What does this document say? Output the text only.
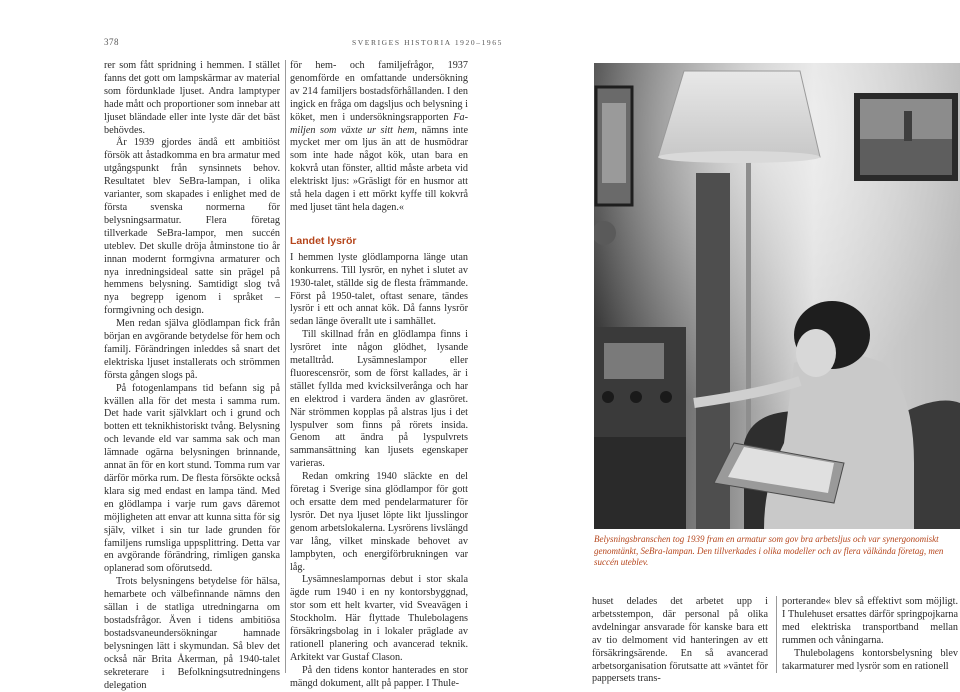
378	SVERIGES HISTORIA 1920–1965

rer som fått spridning i hemmen. I stället fanns det gott om lampskärmar av material som fördunklade ljuset. Andra lamptyper hade mått och proportioner som innebar att ljuset bländade eller inte lyste där det bäst behövdes.

År 1939 gjordes ändå ett ambitiöst försök att åstadkomma en bra armatur med utgångspunkt från synsinnets behov. Resultatet blev SeBra-lampan, i olika varianter, som skapades i enlighet med de första svenska normerna för belysningsarmatur. Flera företag tillverkade SeBra-lampor, men succén uteblev. Det skulle dröja åtminstone tio år innan modernt formgivna armaturer och nya inredningsideal satte sin prägel på hemmens belysning. Samtidigt slog två nya begrepp igenom i språket – formgivning och design.

Men redan själva glödlampan fick från början en avgörande betydelse för hem och familj. Förändringen inleddes så snart det elektriska ljuset installerats och strömmen första gången slogs på.

På fotogenlampans tid befann sig på kvällen alla för det mesta i samma rum. Det hade varit självklart och i grund och botten ett teknikhistoriskt tvång. Belysning och levande eld var samma sak och man lämnade ogärna belysningen brinnande, annat än för en kort stund. Tomma rum var därför mörka rum. De flesta försökte också klara sig med endast en lampa tänd. Med en glödlampa i varje rum gavs däremot möjligheten att envar att kunna sitta för sig själv, vilket i sin tur lade grunden för familjens rumsliga uppsplittring. Detta var en avgörande förändring, rimligen ganska oplanerad som oförutsedd.

Trots belysningens betydelse för hälsa, hemarbete och välbefinnande nämns den sällan i de statliga utredningarna om bostadsfrågor. Även i tidens ambitiösa bostadsvaneundersökningar hamnade belysningen lätt i skymundan. Så blev det också när Brita Åkerman, på 1940-talet sekreterare i Befolkningsutredningens delegation

för hem- och familjefrågor, 1937 genomförde en omfattande undersökning av 214 familjers bostadsförhållanden. I den ingick en fråga om dagsljus och belysning i köket, men i undersökningsrapporten Fa-miljen som växte ur sitt hem, nämns inte mycket mer om ljus än att de husmödrar som inte hade något kök, utan bara en kokvrå utan fönster, alltid måste arbeta vid elektriskt ljus: »Gräsligt för en husmor att stå hela dagen i ett mörkt kyffe till kokvrå med ljuset tänt hela dagen.«

Landet lysrör

I hemmen lyste glödlamporna länge utan konkurrens. Till lysrör, en nyhet i slutet av 1930-talet, ställde sig de flesta främmande. Först på 1950-talet, oftast senare, tändes lysrör i ett och annat kök. Då fanns lysrör sedan länge överallt ute i samhället.

Till skillnad från en glödlampa finns i lysröret inte någon glödhet, lysande metalltråd. Lysämneslampor eller fluorescensrör, som de först kallades, är i stället fyllda med kvicksilverånga och har en elektrod i vardera änden av glasröret. När strömmen kopplas på alstras ljus i det lyspulver som finns på rörets insida. Genom att ändra på lyspulvrets sammansättning kan ljusets egenskaper varieras.

Redan omkring 1940 släckte en del företag i Sverige sina glödlampor för gott och ersatte dem med pendelarmaturer för lysrör. Det nya ljuset löpte likt ljusslingor genom arbetslokalerna. Lysrörens livslängd var lång, vilket minskade behovet av lampbyten, och energiförbrukningen var låg.

Lysämneslampornas debut i stor skala ägde rum 1940 i en ny kontorsbyggnad, stor som ett helt kvarter, vid Sveavägen i Stockholm. Här flyttade Thulebolagens försäkringsbolag in i lokaler präglade av rationell planering och avancerad teknik. Arkitekt var Gustaf Clason.

På den tidens kontor hanterades en stor mängd dokument, allt på papper. I Thule-

Belysningsbranschen tog 1939 fram en armatur som gov bra arbetsljus och var synergonomiskt genomtänkt, SeBra-lampan. Den tillverkades i olika modeller och av flera välkända företag, men succén uteblev.

huset delades det arbetet upp i arbetsstempon, där personal på olika avdelningar ansvarade för kanske bara ett av tio delmoment vid hanteringen av ett försäkringsärende. En så avancerad arbetsorganisation förutsatte att »väntet för pappersets trans-

porterande« blev så effektivt som möjligt. I Thulehuset ersattes därför springpojkarna med elektriska transportband mellan rummen och våningarna.

Thulebolagens kontorsbelysning blev takarmaturer med lysrör som en rationell
